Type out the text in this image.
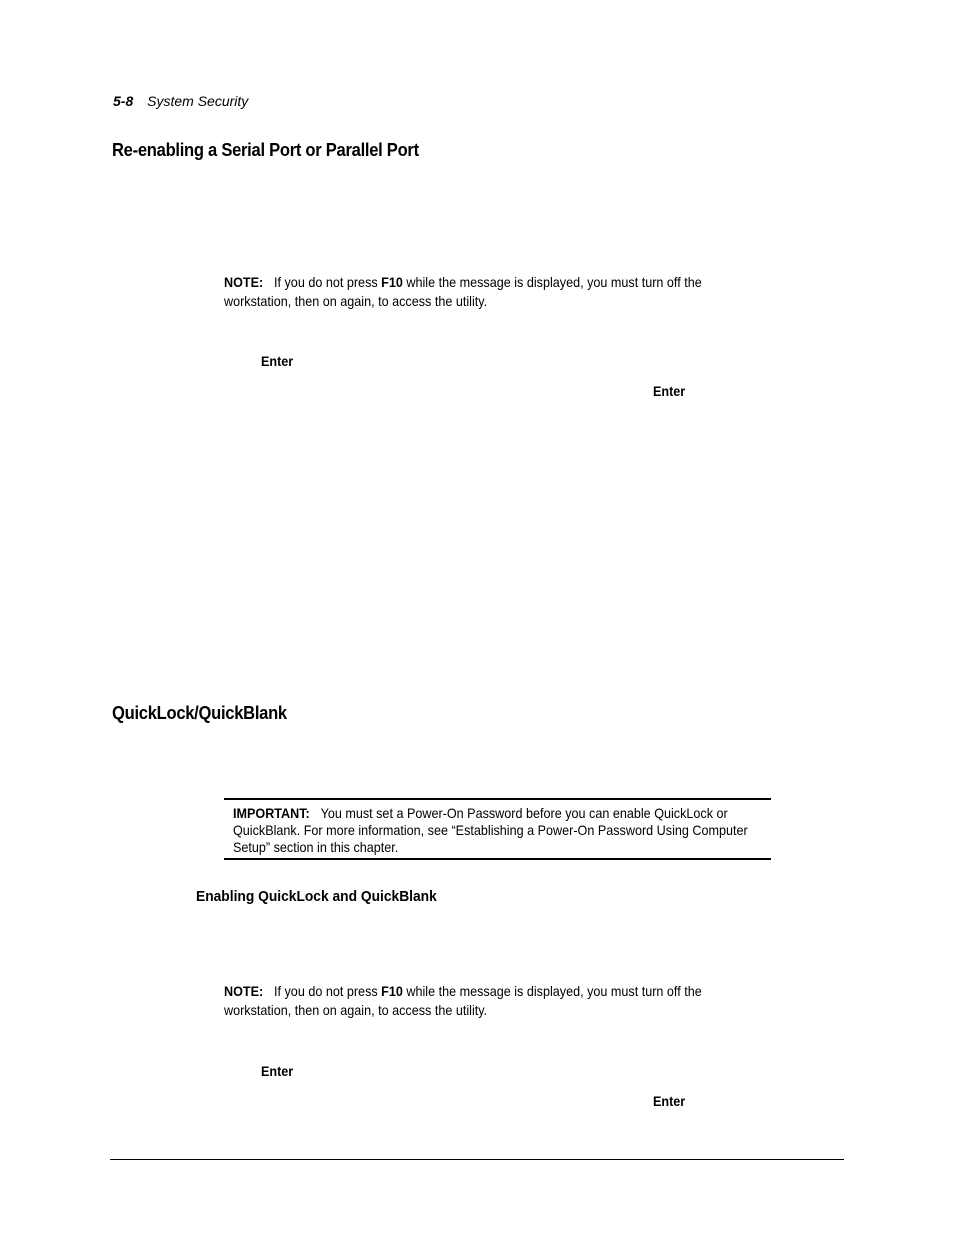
5-8 System Security
Re-enabling a Serial Port or Parallel Port
NOTE: If you do not press F10 while the message is displayed, you must turn off the workstation, then on again, to access the utility.
Enter
Enter
QuickLock/QuickBlank
IMPORTANT: You must set a Power-On Password before you can enable QuickLock or QuickBlank. For more information, see “Establishing a Power-On Password Using Computer Setup” section in this chapter.
Enabling QuickLock and QuickBlank
NOTE: If you do not press F10 while the message is displayed, you must turn off the workstation, then on again, to access the utility.
Enter
Enter
